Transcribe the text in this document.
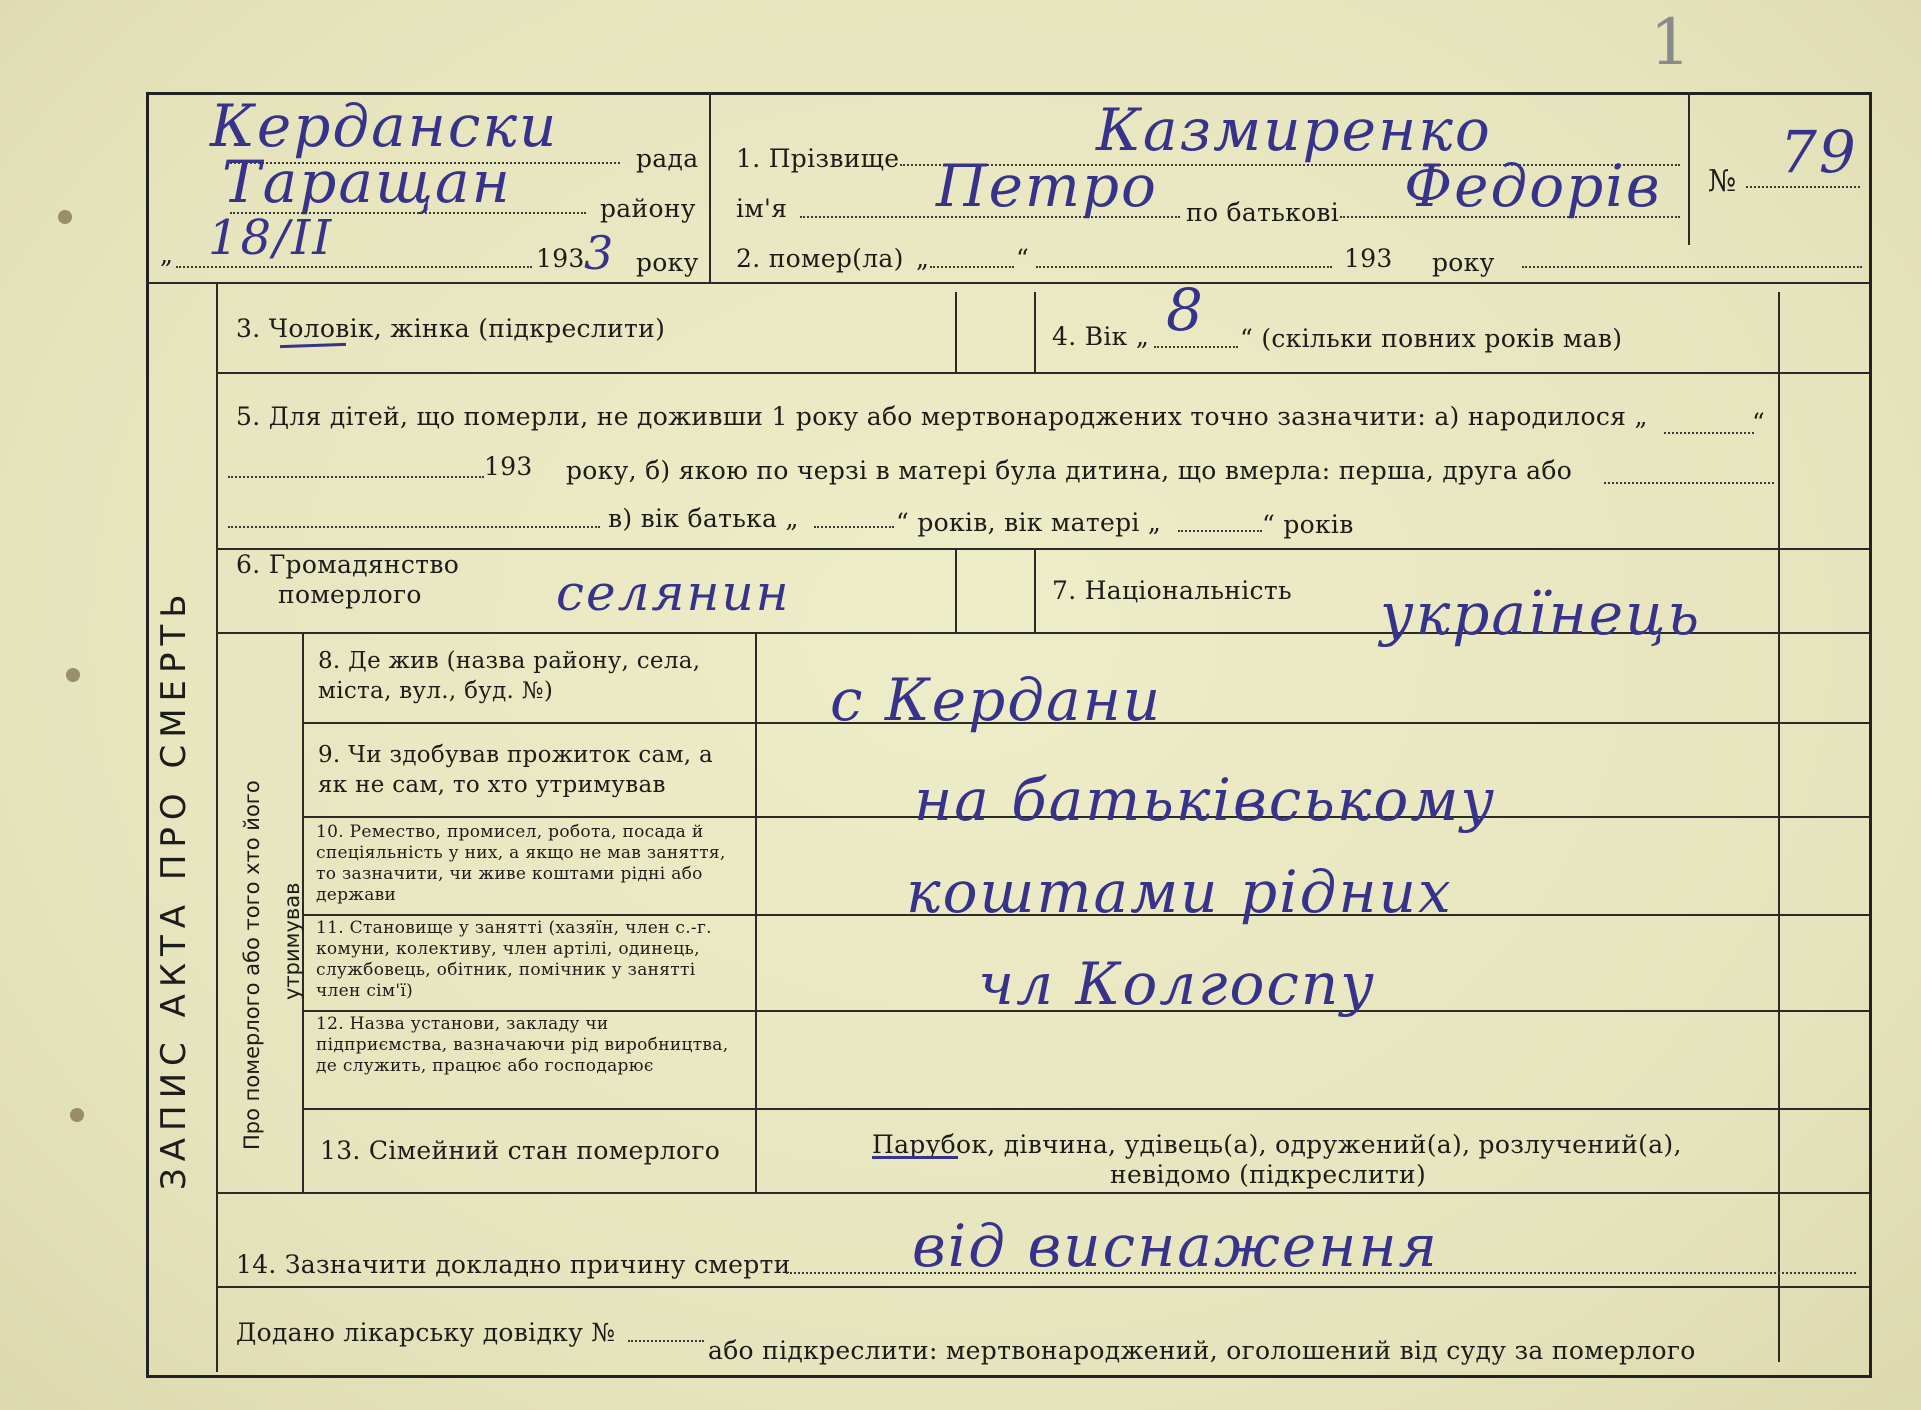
1
Кердански	рада
Таращан	району
„ 18/II	193 3 року
1. Прізвище	Казмиренко
ім'я	Петро по батькові Федорів
2. помер(ла) „	“	193 року
№ 79
ЗАПИС АКТА ПРО СМЕРТЬ	Про померлого або того хто його утримував
3. Чоловік, жінка (підкреслити)	4. Вік „ 8 “ (скільки повних років мав)
5. Для дітей, що померли, не доживши 1 року або мертвонароджених точно зазначити: а) народилося „	“
193 року, б) якою по черзі в матері була дитина, що вмерла: перша, друга або
в) вік батька „	“ років, вік матері „	“ років
6. Громадянство
померлого	селянин	7. Національність українець
8. Де жив (назва району, села, міста, вул., буд. №)	с Кердани
9. Чи здобував прожиток сам, а як не сам, то хто утримував	на батьківському
10. Ремество, промисел, робота, посада й спеціяльність у них, а якщо не мав заняття, то зазначити, чи живе коштами рідні або держави	коштами рідних
11. Становище у занятті (хазяїн, член с.-г. комуни, колективу, член артілі, одинець, службовець, обітник, помічник у занятті член сім'ї)	чл Колгоспу
12. Назва установи, закладу чи підприємства, вазначаючи рід виробництва, де служить, працює або господарює
13. Сімейний стан померлого	Парубок, дівчина, удівець(а), одружений(а), розлучений(а),
невідомо (підкреслити)
14. Зазначити докладно причину смерти від виснаження
Додано лікарську довідку №
або підкреслити: мертвонароджений, оголошений від суду за померлого
